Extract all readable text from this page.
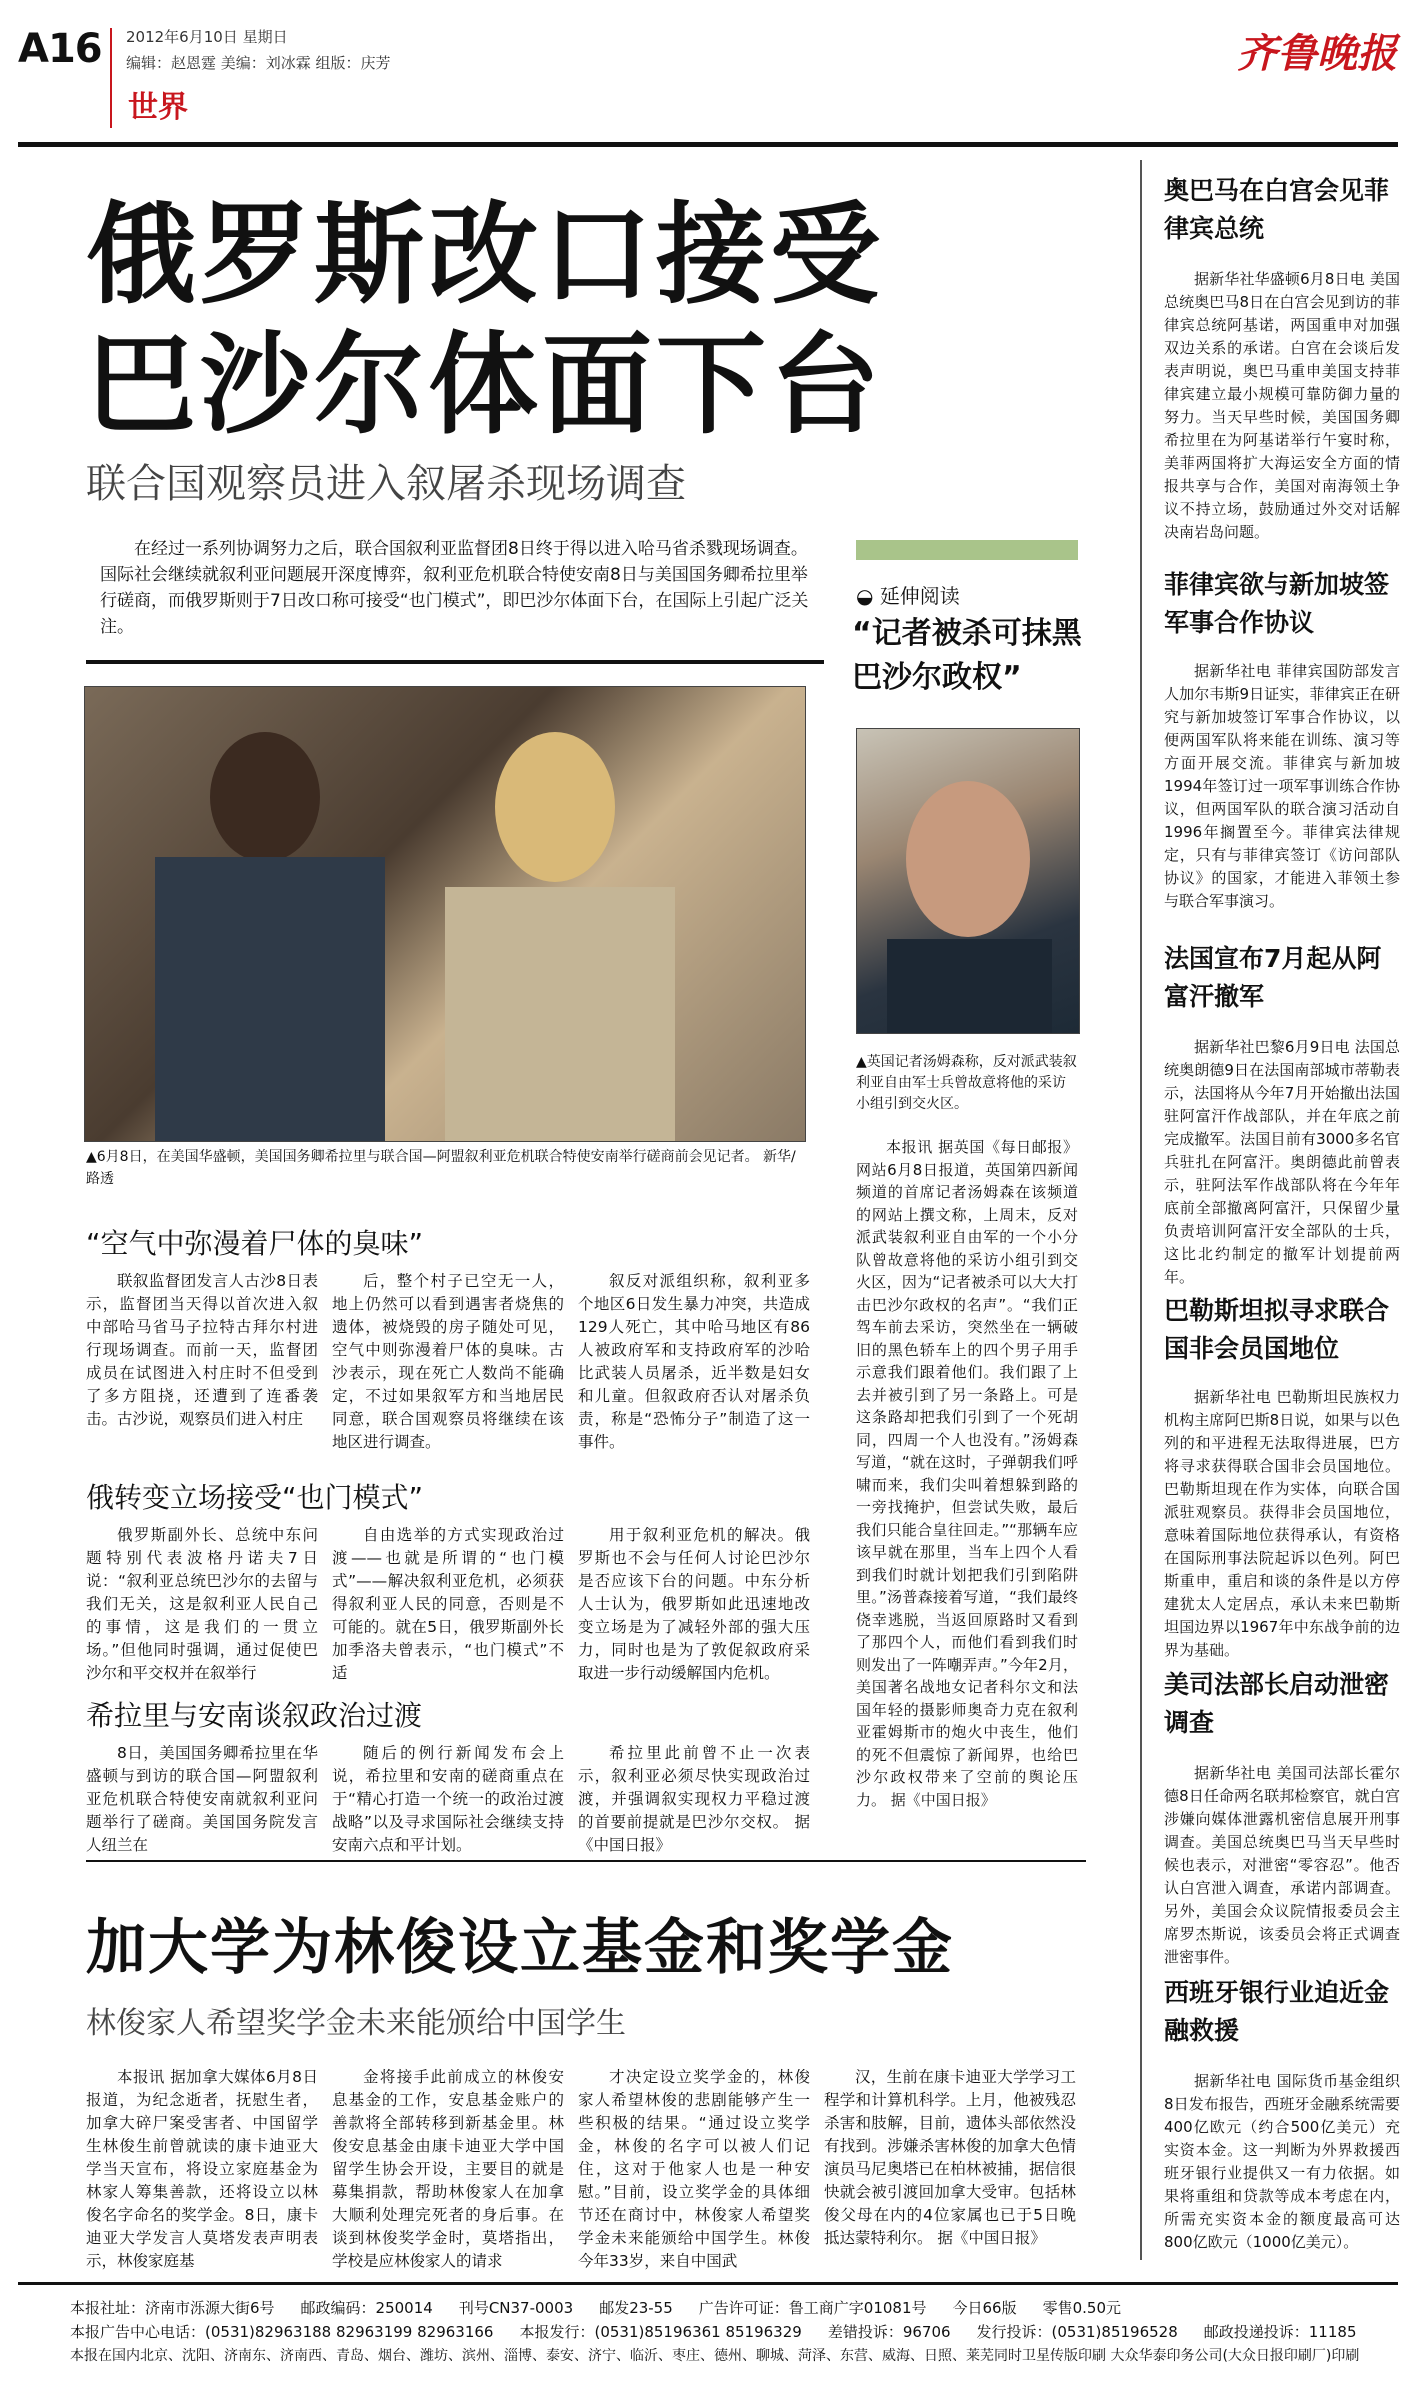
A16 2012年6月10日 星期日
编辑：赵恩霆 美编：刘冰霖 组版：庆芳
世界
齐鲁晚报
俄罗斯改口接受
巴沙尔体面下台
联合国观察员进入叙屠杀现场调查
在经过一系列协调努力之后，联合国叙利亚监督团8日终于得以进入哈马省杀戮现场调查。国际社会继续就叙利亚问题展开深度博弈，叙利亚危机联合特使安南8日与美国国务卿希拉里举行磋商，而俄罗斯则于7日改口称可接受“也门模式”，即巴沙尔体面下台，在国际上引起广泛关注。
▲6月8日，在美国华盛顿，美国国务卿希拉里与联合国—阿盟叙利亚危机联合特使安南举行磋商前会见记者。 新华/路透
“空气中弥漫着尸体的臭味”
联叙监督团发言人古沙8日表示，监督团当天得以首次进入叙中部哈马省马子拉特古拜尔村进行现场调查。而前一天，监督团成员在试图进入村庄时不但受到了多方阻挠，还遭到了连番袭击。古沙说，观察员们进入村庄
后，整个村子已空无一人，地上仍然可以看到遇害者烧焦的遗体，被烧毁的房子随处可见，空气中则弥漫着尸体的臭味。古沙表示，现在死亡人数尚不能确定，不过如果叙军方和当地居民同意，联合国观察员将继续在该地区进行调查。
叙反对派组织称，叙利亚多个地区6日发生暴力冲突，共造成129人死亡，其中哈马地区有86人被政府军和支持政府军的沙哈比武装人员屠杀，近半数是妇女和儿童。但叙政府否认对屠杀负责，称是“恐怖分子”制造了这一事件。
俄转变立场接受“也门模式”
俄罗斯副外长、总统中东问题特别代表波格丹诺夫7日说：“叙利亚总统巴沙尔的去留与我们无关，这是叙利亚人民自己的事情，这是我们的一贯立场。”但他同时强调，通过促使巴沙尔和平交权并在叙举行
自由选举的方式实现政治过渡——也就是所谓的“也门模式”——解决叙利亚危机，必须获得叙利亚人民的同意，否则是不可能的。就在5日，俄罗斯副外长加季洛夫曾表示，“也门模式”不适
用于叙利亚危机的解决。俄罗斯也不会与任何人讨论巴沙尔是否应该下台的问题。中东分析人士认为，俄罗斯如此迅速地改变立场是为了减轻外部的强大压力，同时也是为了敦促叙政府采取进一步行动缓解国内危机。
希拉里与安南谈叙政治过渡
8日，美国国务卿希拉里在华盛顿与到访的联合国—阿盟叙利亚危机联合特使安南就叙利亚问题举行了磋商。美国国务院发言人纽兰在
随后的例行新闻发布会上说，希拉里和安南的磋商重点在于“精心打造一个统一的政治过渡战略”以及寻求国际社会继续支持安南六点和平计划。
希拉里此前曾不止一次表示，叙利亚必须尽快实现政治过渡，并强调叙实现权力平稳过渡的首要前提就是巴沙尔交权。 据《中国日报》
◒ 延伸阅读
“记者被杀可抹黑巴沙尔政权”
▲英国记者汤姆森称，反对派武装叙利亚自由军士兵曾故意将他的采访小组引到交火区。
本报讯 据英国《每日邮报》网站6月8日报道，英国第四新闻频道的首席记者汤姆森在该频道的网站上撰文称，上周末，反对派武装叙利亚自由军的一个小分队曾故意将他的采访小组引到交火区，因为“记者被杀可以大大打击巴沙尔政权的名声”。“我们正驾车前去采访，突然坐在一辆破旧的黑色轿车上的四个男子用手示意我们跟着他们。我们跟了上去并被引到了另一条路上。可是这条路却把我们引到了一个死胡同，四周一个人也没有。”汤姆森写道，“就在这时，子弹朝我们呼啸而来，我们尖叫着想躲到路的一旁找掩护，但尝试失败，最后我们只能合皇往回走。”“那辆车应该早就在那里，当车上四个人看到我们时就计划把我们引到陷阱里。”汤普森接着写道，“我们最终侥幸逃脱，当返回原路时又看到了那四个人，而他们看到我们时则发出了一阵嘲弄声。”今年2月，美国著名战地女记者科尔文和法国年轻的摄影师奥奇力克在叙利亚霍姆斯市的炮火中丧生，他们的死不但震惊了新闻界，也给巴沙尔政权带来了空前的舆论压力。 据《中国日报》
加大学为林俊设立基金和奖学金
林俊家人希望奖学金未来能颁给中国学生
本报讯 据加拿大媒体6月8日报道，为纪念逝者，抚慰生者，加拿大碎尸案受害者、中国留学生林俊生前曾就读的康卡迪亚大学当天宣布，将设立家庭基金为林家人筹集善款，还将设立以林俊名字命名的奖学金。8日，康卡迪亚大学发言人莫塔发表声明表示，林俊家庭基
金将接手此前成立的林俊安息基金的工作，安息基金账户的善款将全部转移到新基金里。林俊安息基金由康卡迪亚大学中国留学生协会开设，主要目的就是募集捐款，帮助林俊家人在加拿大顺利处理完死者的身后事。在谈到林俊奖学金时，莫塔指出，学校是应林俊家人的请求
才决定设立奖学金的，林俊家人希望林俊的悲剧能够产生一些积极的结果。“通过设立奖学金，林俊的名字可以被人们记住，这对于他家人也是一种安慰。”目前，设立奖学金的具体细节还在商讨中，林俊家人希望奖学金未来能颁给中国学生。林俊今年33岁，来自中国武
汉，生前在康卡迪亚大学学习工程学和计算机科学。上月，他被残忍杀害和肢解，目前，遗体头部依然没有找到。涉嫌杀害林俊的加拿大色情演员马尼奥塔已在柏林被捕，据信很快就会被引渡回加拿大受审。包括林俊父母在内的4位家属也已于5日晚抵达蒙特利尔。 据《中国日报》
奥巴马在白宫会见菲律宾总统
据新华社华盛顿6月8日电 美国总统奥巴马8日在白宫会见到访的菲律宾总统阿基诺，两国重申对加强双边关系的承诺。白宫在会谈后发表声明说，奥巴马重申美国支持菲律宾建立最小规模可靠防御力量的努力。当天早些时候，美国国务卿希拉里在为阿基诺举行午宴时称，美菲两国将扩大海运安全方面的情报共享与合作，美国对南海领土争议不持立场，鼓励通过外交对话解决南岩岛问题。
菲律宾欲与新加坡签军事合作协议
据新华社电 菲律宾国防部发言人加尔韦斯9日证实，菲律宾正在研究与新加坡签订军事合作协议，以便两国军队将来能在训练、演习等方面开展交流。菲律宾与新加坡1994年签订过一项军事训练合作协议，但两国军队的联合演习活动自1996年搁置至今。菲律宾法律规定，只有与菲律宾签订《访问部队协议》的国家，才能进入菲领土参与联合军事演习。
法国宣布7月起从阿富汗撤军
据新华社巴黎6月9日电 法国总统奥朗德9日在法国南部城市蒂勒表示，法国将从今年7月开始撤出法国驻阿富汗作战部队，并在年底之前完成撤军。法国目前有3000多名官兵驻扎在阿富汗。奥朗德此前曾表示，驻阿法军作战部队将在今年年底前全部撤离阿富汗，只保留少量负责培训阿富汗安全部队的士兵，这比北约制定的撤军计划提前两年。
巴勒斯坦拟寻求联合国非会员国地位
据新华社电 巴勒斯坦民族权力机构主席阿巴斯8日说，如果与以色列的和平进程无法取得进展，巴方将寻求获得联合国非会员国地位。巴勒斯坦现在作为实体，向联合国派驻观察员。获得非会员国地位，意味着国际地位获得承认，有资格在国际刑事法院起诉以色列。阿巴斯重申，重启和谈的条件是以方停建犹太人定居点，承认未来巴勒斯坦国边界以1967年中东战争前的边界为基础。
美司法部长启动泄密调查
据新华社电 美国司法部长霍尔德8日任命两名联邦检察官，就白宫涉嫌向媒体泄露机密信息展开刑事调查。美国总统奥巴马当天早些时候也表示，对泄密“零容忍”。他否认白宫泄入调查，承诺内部调查。另外，美国会众议院情报委员会主席罗杰斯说，该委员会将正式调查泄密事件。
西班牙银行业迫近金融救援
据新华社电 国际货币基金组织8日发布报告，西班牙金融系统需要400亿欧元（约合500亿美元）充实资本金。这一判断为外界救援西班牙银行业提供又一有力依据。如果将重组和贷款等成本考虑在内，所需充实资本金的额度最高可达800亿欧元（1000亿美元）。
本报社址：济南市泺源大街6号 邮政编码：250014 刊号CN37-0003 邮发23-55 广告许可证：鲁工商广字01081号 今日66版 零售0.50元
本报广告中心电话：(0531)82963188 82963199 82963166 本报发行：(0531)85196361 85196329 差错投诉：96706 发行投诉：(0531)85196528 邮政投递投诉：11185
本报在国内北京、沈阳、济南东、济南西、青岛、烟台、潍坊、滨州、淄博、泰安、济宁、临沂、枣庄、德州、聊城、菏泽、东营、威海、日照、莱芜同时卫星传版印刷 大众华泰印务公司(大众日报印刷厂)印刷
